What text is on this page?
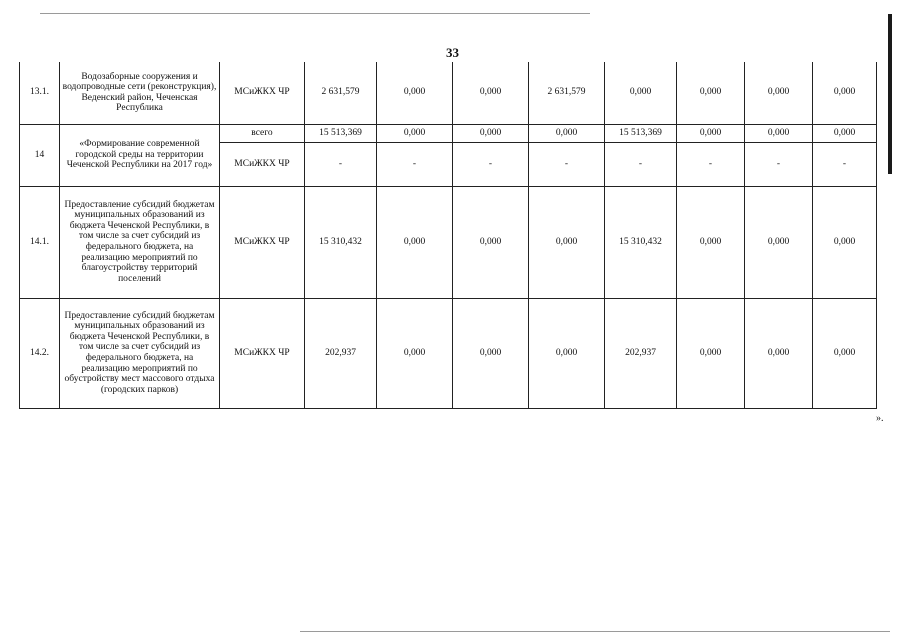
33
13.1.	Водозаборные сооружения и водопроводные сети (реконструкция), Веденский район, Чеченская Республика	МСиЖКХ ЧР	2 631,579	0,000	0,000	2 631,579	0,000	0,000	0,000	0,000
14	«Формирование современной городской среды на территории Чеченской Республики на 2017 год»	всего	15 513,369	0,000	0,000	0,000	15 513,369	0,000	0,000	0,000
		МСиЖКХ ЧР	-	-	-	-	-	-	-	-
14.1.	Предоставление субсидий бюджетам муниципальных образований из бюджета Чеченской Республики, в том числе за счет субсидий из федерального бюджета, на реализацию мероприятий по благоустройству территорий поселений	МСиЖКХ ЧР	15 310,432	0,000	0,000	0,000	15 310,432	0,000	0,000	0,000
14.2.	Предоставление субсидий бюджетам муниципальных образований из бюджета Чеченской Республики, в том числе за счет субсидий из федерального бюджета, на реализацию мероприятий по обустройству мест массового отдыха (городских парков)	МСиЖКХ ЧР	202,937	0,000	0,000	0,000	202,937	0,000	0,000	0,000
».
